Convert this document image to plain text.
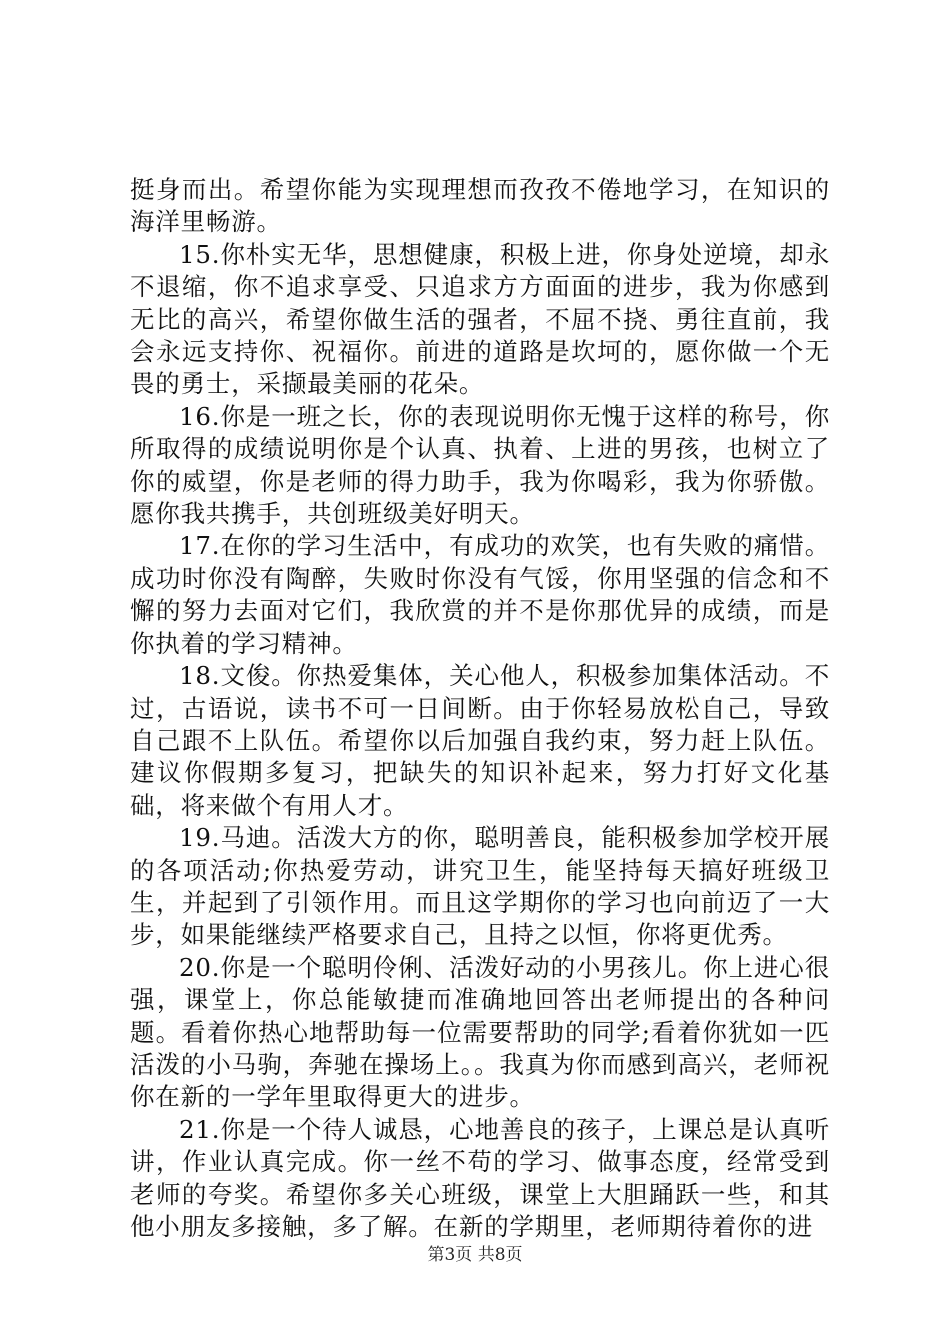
挺身而出。希望你能为实现理想而孜孜不倦地学习，在知识的海洋里畅游。

15.你朴实无华，思想健康，积极上进，你身处逆境，却永不退缩，你不追求享受、只追求方方面面的进步，我为你感到无比的高兴，希望你做生活的强者，不屈不挠、勇往直前，我会永远支持你、祝福你。前进的道路是坎坷的，愿你做一个无畏的勇士，采撷最美丽的花朵。

16.你是一班之长，你的表现说明你无愧于这样的称号，你所取得的成绩说明你是个认真、执着、上进的男孩，也树立了你的威望，你是老师的得力助手，我为你喝彩，我为你骄傲。愿你我共携手，共创班级美好明天。

17.在你的学习生活中，有成功的欢笑，也有失败的痛惜。成功时你没有陶醉，失败时你没有气馁，你用坚强的信念和不懈的努力去面对它们，我欣赏的并不是你那优异的成绩，而是你执着的学习精神。

18.文俊。你热爱集体，关心他人，积极参加集体活动。不过，古语说，读书不可一日间断。由于你轻易放松自己，导致自己跟不上队伍。希望你以后加强自我约束，努力赶上队伍。建议你假期多复习，把缺失的知识补起来，努力打好文化基础，将来做个有用人才。

19.马迪。活泼大方的你，聪明善良，能积极参加学校开展的各项活动;你热爱劳动，讲究卫生，能坚持每天搞好班级卫生，并起到了引领作用。而且这学期你的学习也向前迈了一大步，如果能继续严格要求自己，且持之以恒，你将更优秀。

20.你是一个聪明伶俐、活泼好动的小男孩儿。你上进心很强，课堂上，你总能敏捷而准确地回答出老师提出的各种问题。看着你热心地帮助每一位需要帮助的同学;看着你犹如一匹活泼的小马驹，奔驰在操场上。。我真为你而感到高兴，老师祝你在新的一学年里取得更大的进步。

21.你是一个待人诚恳，心地善良的孩子，上课总是认真听讲，作业认真完成。你一丝不苟的学习、做事态度，经常受到老师的夸奖。希望你多关心班级，课堂上大胆踊跃一些，和其他小朋友多接触，多了解。在新的学期里，老师期待着你的进

第3页 共8页
